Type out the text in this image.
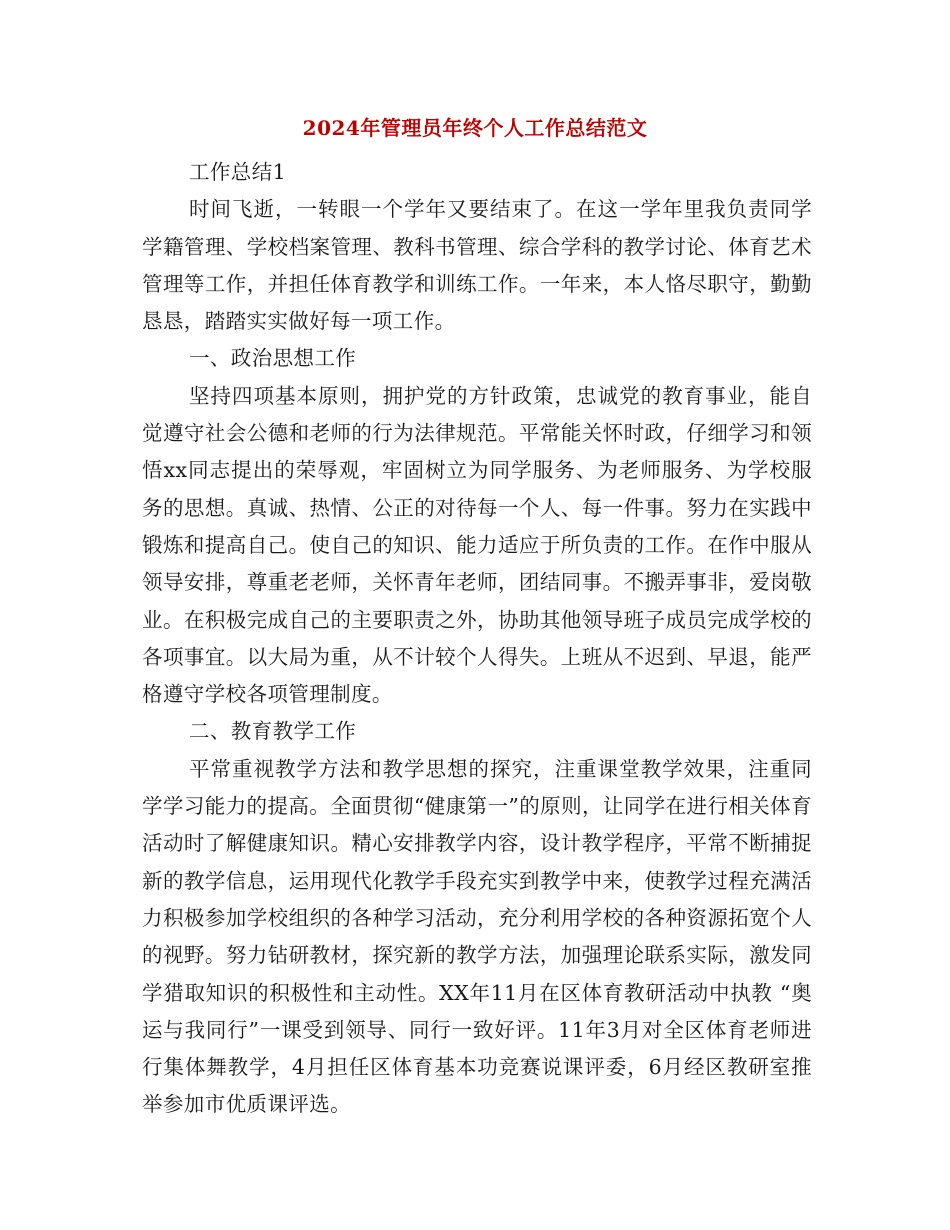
2024年管理员年终个人工作总结范文

工作总结1

时间飞逝，一转眼一个学年又要结束了。在这一学年里我负责同学学籍管理、学校档案管理、教科书管理、综合学科的教学讨论、体育艺术管理等工作，并担任体育教学和训练工作。一年来，本人恪尽职守，勤勤恳恳，踏踏实实做好每一项工作。

一、政治思想工作

坚持四项基本原则，拥护党的方针政策，忠诚党的教育事业，能自觉遵守社会公德和老师的行为法律规范。平常能关怀时政，仔细学习和领悟xx同志提出的荣辱观，牢固树立为同学服务、为老师服务、为学校服务的思想。真诚、热情、公正的对待每一个人、每一件事。努力在实践中锻炼和提高自己。使自己的知识、能力适应于所负责的工作。在作中服从领导安排，尊重老老师，关怀青年老师，团结同事。不搬弄事非，爱岗敬业。在积极完成自己的主要职责之外，协助其他领导班子成员完成学校的各项事宜。以大局为重，从不计较个人得失。上班从不迟到、早退，能严格遵守学校各项管理制度。

二、教育教学工作

平常重视教学方法和教学思想的探究，注重课堂教学效果，注重同学学习能力的提高。全面贯彻“健康第一”的原则，让同学在进行相关体育活动时了解健康知识。精心安排教学内容，设计教学程序，平常不断捕捉新的教学信息，运用现代化教学手段充实到教学中来，使教学过程充满活力积极参加学校组织的各种学习活动，充分利用学校的各种资源拓宽个人的视野。努力钻研教材，探究新的教学方法，加强理论联系实际，激发同学猎取知识的积极性和主动性。XX年11月在区体育教研活动中执教 “奥运与我同行”一课受到领导、同行一致好评。11年3月对全区体育老师进行集体舞教学，4月担任区体育基本功竞赛说课评委，6月经区教研室推举参加市优质课评选。
